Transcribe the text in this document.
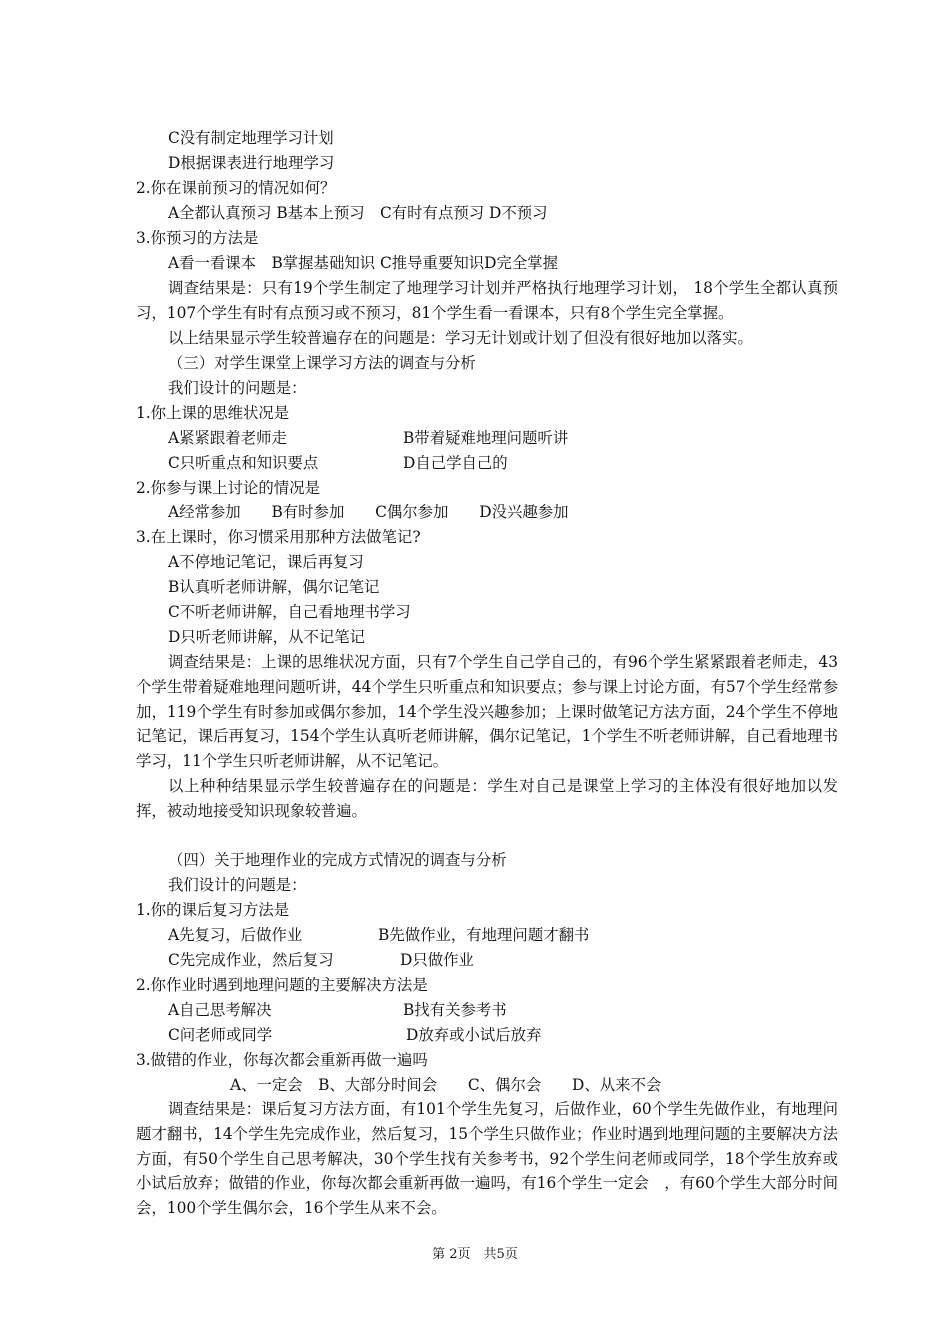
C没有制定地理学习计划
D根据课表进行地理学习
2.你在课前预习的情况如何？
A全都认真预习 B基本上预习　C有时有点预习 D不预习
3.你预习的方法是
A看一看课本　B掌握基础知识 C推导重要知识D完全掌握
调查结果是：只有19个学生制定了地理学习计划并严格执行地理学习计划， 18个学生全都认真预习，107个学生有时有点预习或不预习，81个学生看一看课本，只有8个学生完全掌握。
以上结果显示学生较普遍存在的问题是：学习无计划或计划了但没有很好地加以落实。
（三）对学生课堂上课学习方法的调查与分析
我们设计的问题是：
1.你上课的思维状况是
A紧紧跟着老师走	B带着疑难地理问题听讲
C只听重点和知识要点	D自己学自己的
2.你参与课上讨论的情况是
A经常参加　　B有时参加　　C偶尔参加　　D没兴趣参加
3.在上课时，你习惯采用那种方法做笔记?
A不停地记笔记，课后再复习
B认真听老师讲解，偶尔记笔记
C不听老师讲解，自己看地理书学习
D只听老师讲解，从不记笔记
调查结果是：上课的思维状况方面，只有7个学生自己学自己的，有96个学生紧紧跟着老师走，43个学生带着疑难地理问题听讲，44个学生只听重点和知识要点；参与课上讨论方面，有57个学生经常参加，119个学生有时参加或偶尔参加，14个学生没兴趣参加；上课时做笔记方法方面，24个学生不停地记笔记，课后再复习，154个学生认真听老师讲解，偶尔记笔记，1个学生不听老师讲解，自己看地理书学习，11个学生只听老师讲解，从不记笔记。
以上种种结果显示学生较普遍存在的问题是：学生对自己是课堂上学习的主体没有很好地加以发挥，被动地接受知识现象较普遍。
（四）关于地理作业的完成方式情况的调查与分析
我们设计的问题是：
1.你的课后复习方法是
A先复习，后做作业	B先做作业，有地理问题才翻书
C先完成作业，然后复习	D只做作业
2.你作业时遇到地理问题的主要解决方法是
A自己思考解决	B找有关参考书
C问老师或同学	D放弃或小试后放弃
3.做错的作业，你每次都会重新再做一遍吗
A、一定会　B、大部分时间会　　C、偶尔会　　D、从来不会
调查结果是：课后复习方法方面，有101个学生先复习，后做作业，60个学生先做作业，有地理问题才翻书，14个学生先完成作业，然后复习，15个学生只做作业；作业时遇到地理问题的主要解决方法方面，有50个学生自己思考解决，30个学生找有关参考书，92个学生问老师或同学，18个学生放弃或小试后放弃；做错的作业，你每次都会重新再做一遍吗，有16个学生一定会　，有60个学生大部分时间会，100个学生偶尔会，16个学生从来不会。
第 2页　共5页
